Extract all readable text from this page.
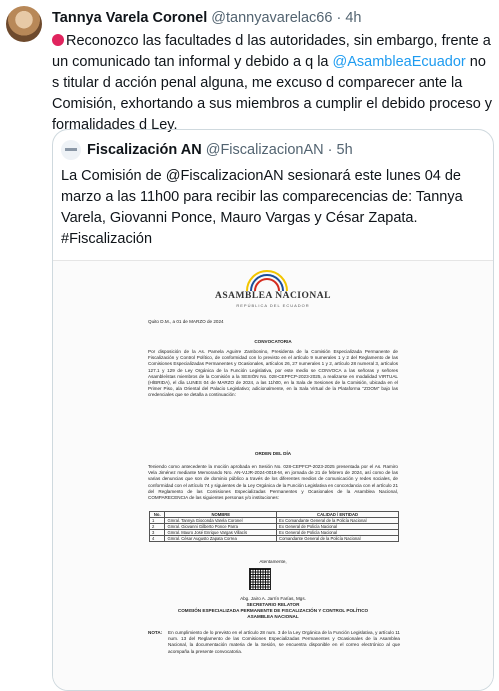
Tannya Varela Coronel @tannyavarelac66 · 4h
Reconozco las facultades d las autoridades, sin embargo, frente a un comunicado tan informal y debido a q la @AsambleaEcuador no s titular d acción penal alguna, me excuso d comparecer ante la Comisión, exhortando a sus miembros a cumplir el debido proceso y formalidades d Ley.
Fiscalización AN @FiscalizacionAN · 5h
La Comisión de @FiscalizacionAN sesionará este lunes 04 de marzo a las 11h00 para recibir las comparecencias de: Tannya Varela, Giovanni Ponce, Mauro Vargas y César Zapata.
#Fiscalización
ASAMBLEA NACIONAL
REPÚBLICA DEL ECUADOR
Quito D.M., a 01 de MARZO de 2024
CONVOCATORIA
Por disposición de la As. Pamela Aguirre Zambonino, Presidenta de la Comisión Especializada Permanente de Fiscalización y Control Político, de conformidad con lo previsto en el artículo 9 numerales 1 y 2 del Reglamento de las Comisiones Especializadas Permanentes y Ocasionales, artículos 26, 27 numerales 1 y 2, artículo 28 numeral 3, artículos 127.1 y 129 de Ley Orgánica de la Función Legislativa, por este medio se CONVOCA a las señoras y señores Asambleístas miembros de la Comisión a la SESIÓN No. 028-CEPFCP-2023-2025, a realizarse en modalidad VIRTUAL (HÍBRIDA), el día LUNES 04 de MARZO de 2024, a las 11h00, en la Sala de Sesiones de la Comisión, ubicada en el Primer Piso, ala Oriental del Palacio Legislativo; adicionalmente, en la Sala Virtual de la Plataforma "ZOOM" bajo las credenciales que se detalla a continuación:
ORDEN DEL DÍA
Teniendo como antecedente la moción aprobada en Sesión No. 028-CEPFCP-2023-2025 presentada por el As. Ramiro Vela Jiménez mediante Memorando Nro. AN-VJJR-2024-0018-M, en jornada de 21 de febrero de 2024, así como de las varias denuncias que son de dominio público a través de los diferentes medios de comunicación y redes sociales, de conformidad con el artículo 74 y siguientes de la Ley Orgánica de la Función Legislativa en concordancia con el artículo 21 del Reglamento de las Comisiones Especializadas Permanentes y Ocasionales de la Asamblea Nacional, COMPARECENCIA de las siguientes personas y/o instituciones:
No.	NOMBRE	CALIDAD / ENTIDAD
1	Gmral. Tannya Gioconda Varela Coronel	Ex Comandante General de la Policía Nacional
2	Gmral. Giovanni Gilberto Ponce Parra	Ex General de Policía Nacional
3	Gmral. Mauro José Enrique Vargas Villacís	Ex General de Policía Nacional
4	Gmral. César Augusto Zapata Correa	Comandante General de la Policía Nacional
Atentamente,
Abg. Jairo A. Jarrín Farías, Mgs.
SECRETARIO RELATOR
COMISIÓN ESPECIALIZADA PERMANENTE DE FISCALIZACIÓN Y CONTROL POLÍTICO
ASAMBLEA NACIONAL
NOTA: En cumplimiento de lo previsto en el artículo 28 num. 3 de la Ley Orgánica de la Función Legislativa, y artículo 11 num. 13 del Reglamento de las Comisiones Especializadas Permanentes y Ocasionales de la Asamblea Nacional, la documentación materia de la Sesión, se encuentra disponible en el correo electrónico al que acompaña la presente convocatoria.
